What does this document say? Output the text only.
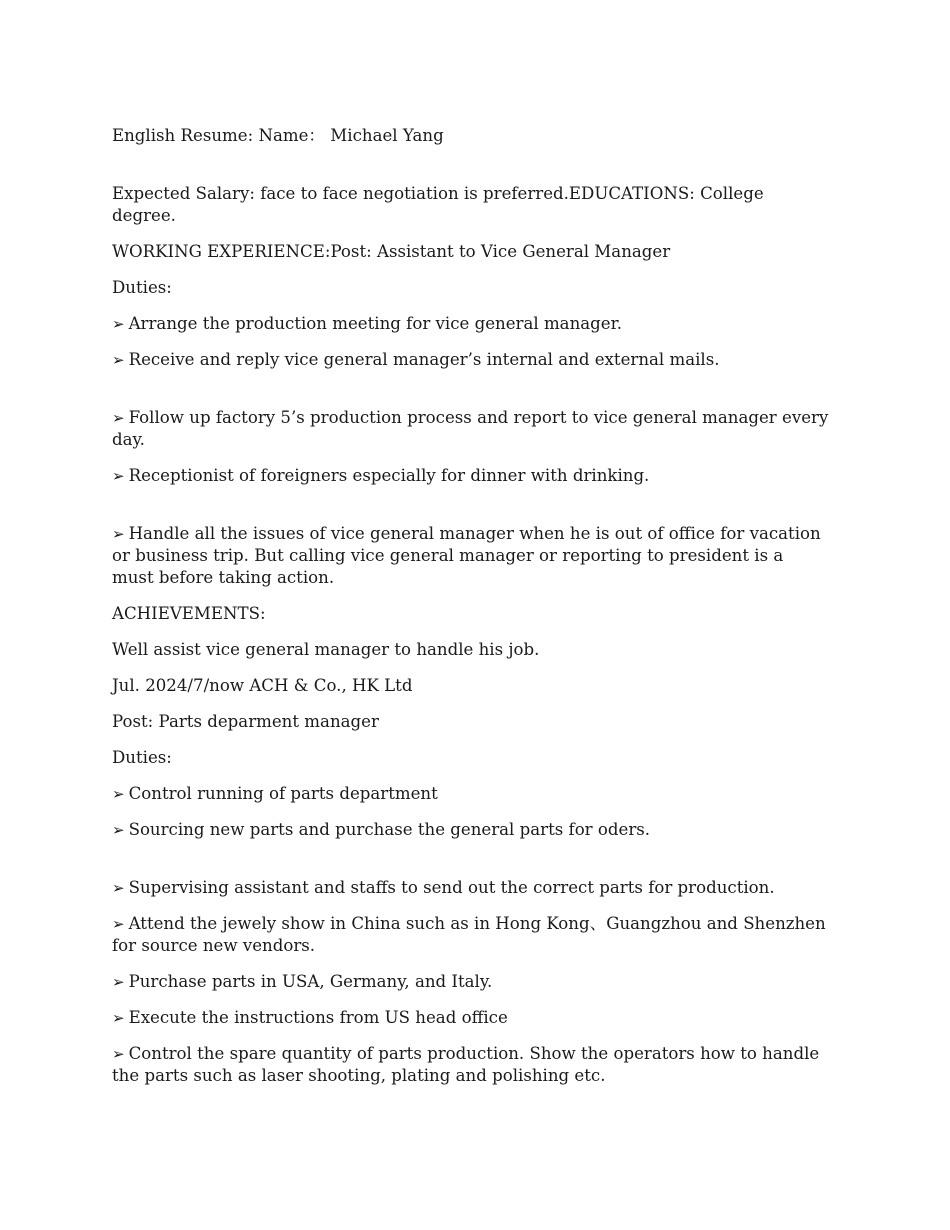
English Resume: Name： Michael Yang

Expected Salary: face to face negotiation is preferred.EDUCATIONS: College degree.

WORKING EXPERIENCE:Post: Assistant to Vice General Manager

Duties:

➢ Arrange the production meeting for vice general manager.

➢ Receive and reply vice general manager’s internal and external mails.

➢ Follow up factory 5’s production process and report to vice general manager every day.

➢ Receptionist of foreigners especially for dinner with drinking.

➢ Handle all the issues of vice general manager when he is out of office for vacation or business trip. But calling vice general manager or reporting to president is a must before taking action.

ACHIEVEMENTS:

Well assist vice general manager to handle his job.

Jul. 2024/7/now ACH & Co., HK Ltd

Post: Parts deparment manager

Duties:

➢ Control running of parts department

➢ Sourcing new parts and purchase the general parts for oders.

➢ Supervising assistant and staffs to send out the correct parts for production.

➢ Attend the jewely show in China such as in Hong Kong、Guangzhou and Shenzhen for source new vendors.

➢ Purchase parts in USA, Germany, and Italy.

➢ Execute the instructions from US head office

➢ Control the spare quantity of parts production. Show the operators how to handle the parts such as laser shooting, plating and polishing etc.
